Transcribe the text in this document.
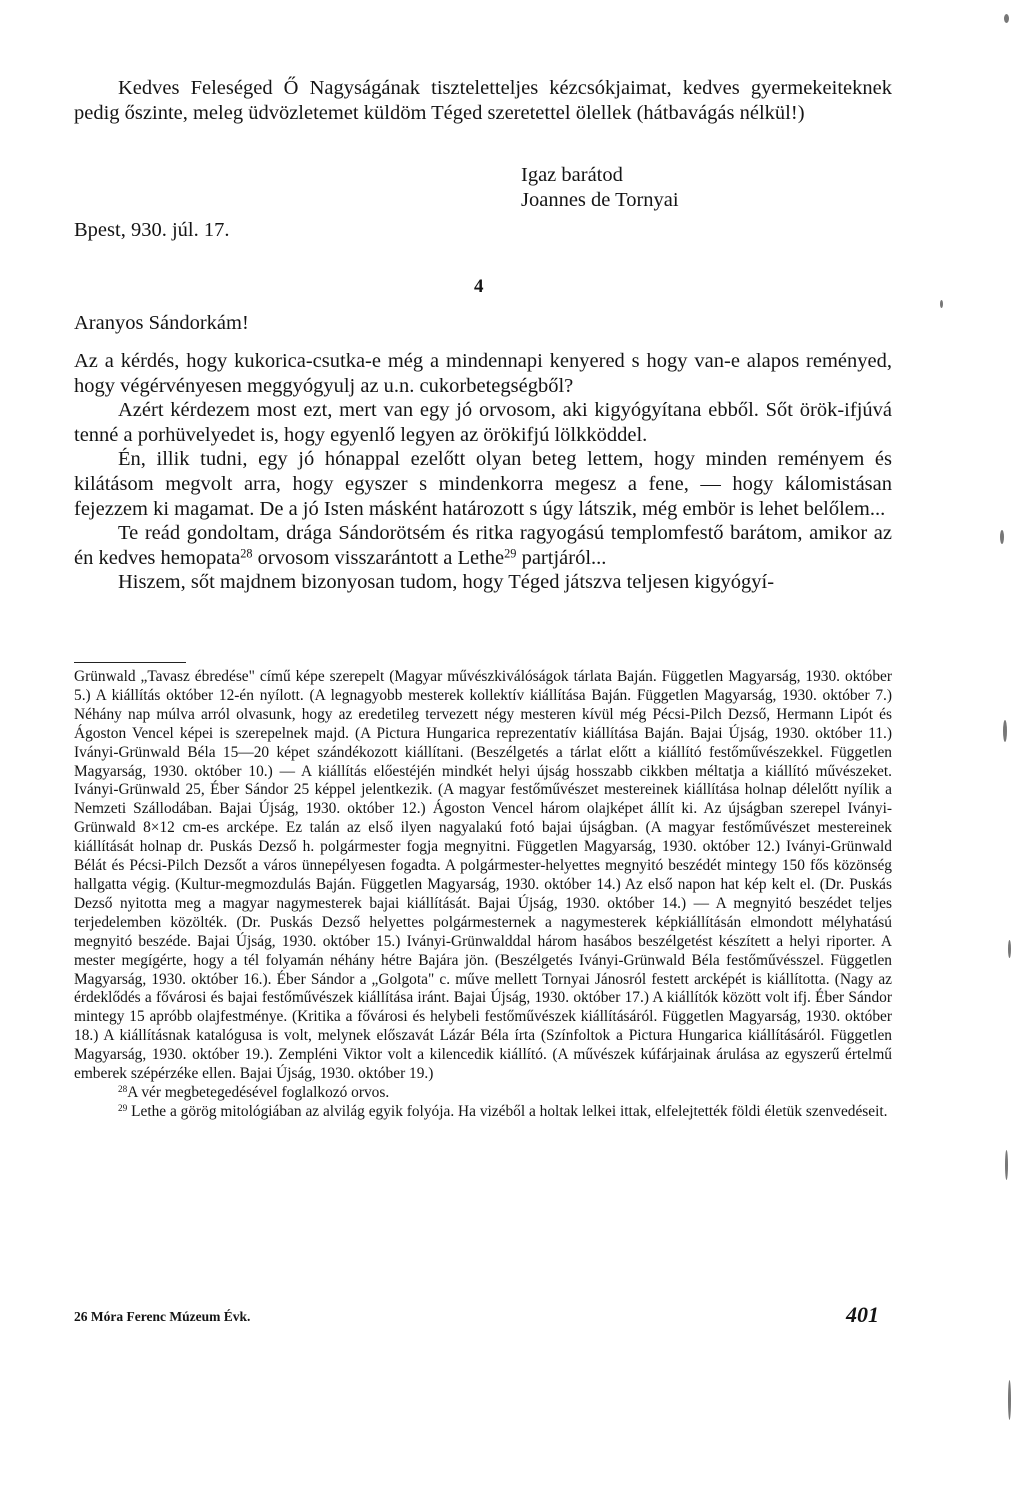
Kedves Feleséged Ő Nagyságának tiszteletteljes kézcsókjaimat, kedves gyermekeiteknek pedig őszinte, meleg üdvözletemet küldöm Téged szeretettel ölellek (hátbavágás nélkül!)

Igaz barátod
Joannes de Tornyai
Bpest, 930. júl. 17.
4
Aranyos Sándorkám!

Az a kérdés, hogy kukorica-csutka-e még a mindennapi kenyered s hogy van-e alapos reményed, hogy végérvényesen meggyógyulj az u.n. cukorbetegségből?

Azért kérdezem most ezt, mert van egy jó orvosom, aki kigyógyítana ebből. Sőt örök-ifjúvá tenné a porhüvelyedet is, hogy egyenlő legyen az örökifjú lölkköddel.

Én, illik tudni, egy jó hónappal ezelőtt olyan beteg lettem, hogy minden reményem és kilátásom megvolt arra, hogy egyszer s mindenkorra megesz a fene, — hogy kálomistásan fejezzem ki magamat. De a jó Isten másként határozott s úgy látszik, még embör is lehet belőlem...

Te reád gondoltam, drága Sándorötsém és ritka ragyogású templomfestő barátom, amikor az én kedves hemopata$^{28}$ orvosom visszarántott a Lethe$^{29}$ partjáról...

Hiszem, sőt majdnem bizonyosan tudom, hogy Téged játszva teljesen kigyógyí-

Grünwald „Tavasz ébredése" című képe szerepelt (Magyar művészkiválóságok tárlata Baján. Független Magyarság, 1930. október 5.) A kiállítás október 12-én nyílott. (A legnagyobb mesterek kollektív kiállítása Baján. Független Magyarság, 1930. október 7.) Néhány nap múlva arról olvasunk, hogy az eredetileg tervezett négy mesteren kívül még Pécsi-Pilch Dezső, Hermann Lipót és Ágoston Vencel képei is szerepelnek majd. (A Pictura Hungarica reprezentatív kiállítása Baján. Bajai Újság, 1930. október 11.) Iványi-Grünwald Béla 15—20 képet szándékozott kiállítani. (Beszélgetés a tárlat előtt a kiállító festőművészekkel. Független Magyarság, 1930. október 10.) — A kiállítás előestéjén mindkét helyi újság hosszabb cikkben méltatja a kiállító művészeket. Iványi-Grünwald 25, Éber Sándor 25 képpel jelentkezik. (A magyar festőművészet mestereinek kiállítása holnap délelőtt nyílik a Nemzeti Szállodában. Bajai Újság, 1930. október 12.) Ágoston Vencel három olajképet állít ki. Az újságban szerepel Iványi-Grünwald 8×12 cm-es arcképe. Ez talán az első ilyen nagyalakú fotó bajai újságban. (A magyar festőművészet mestereinek kiállítását holnap dr. Puskás Dezső h. polgármester fogja megnyitni. Független Magyarság, 1930. október 12.) Iványi-Grünwald Bélát és Pécsi-Pilch Dezsőt a város ünnepélyesen fogadta. A polgármester-helyettes megnyitó beszédét mintegy 150 fős közönség hallgatta végig. (Kultur-megmozdulás Baján. Független Magyarság, 1930. október 14.) Az első napon hat kép kelt el. (Dr. Puskás Dezső nyitotta meg a magyar nagymesterek bajai kiállítását. Bajai Újság, 1930. október 14.) — A megnyitó beszédet teljes terjedelemben közölték. (Dr. Puskás Dezső helyettes polgármesternek a nagymesterek képkiállításán elmondott mélyhatású megnyitó beszéde. Bajai Újság, 1930. október 15.) Iványi-Grünwalddal három hasábos beszélgetést készített a helyi riporter. A mester megígérte, hogy a tél folyamán néhány hétre Bajára jön. (Beszélgetés Iványi-Grünwald Béla festőművésszel. Független Magyarság, 1930. október 16.). Éber Sándor a „Golgota" c. műve mellett Tornyai Jánosról festett arcképét is kiállította. (Nagy az érdeklődés a fővárosi és bajai festőművészek kiállítása iránt. Bajai Újság, 1930. október 17.) A kiállítók között volt ifj. Éber Sándor mintegy 15 apróbb olajfestménye. (Kritika a fővárosi és helybeli festőművészek kiállításáról. Független Magyarság, 1930. október 18.) A kiállításnak katalógusa is volt, melynek előszavát Lázár Béla írta (Színfoltok a Pictura Hungarica kiállításáról. Független Magyarság, 1930. október 19.). Zempléni Viktor volt a kilencedik kiállító. (A művészek kúfárjainak árulása az egyszerű értelmű emberek szépérzéke ellen. Bajai Újság, 1930. október 19.)

$^{28}$A vér megbetegedésével foglalkozó orvos.

$^{29}$ Lethe a görög mitológiában az alvilág egyik folyója. Ha vizéből a holtak lelkei ittak, elfelejtették földi életük szenvedéseit.

26 Móra Ferenc Múzeum Évk.	401
